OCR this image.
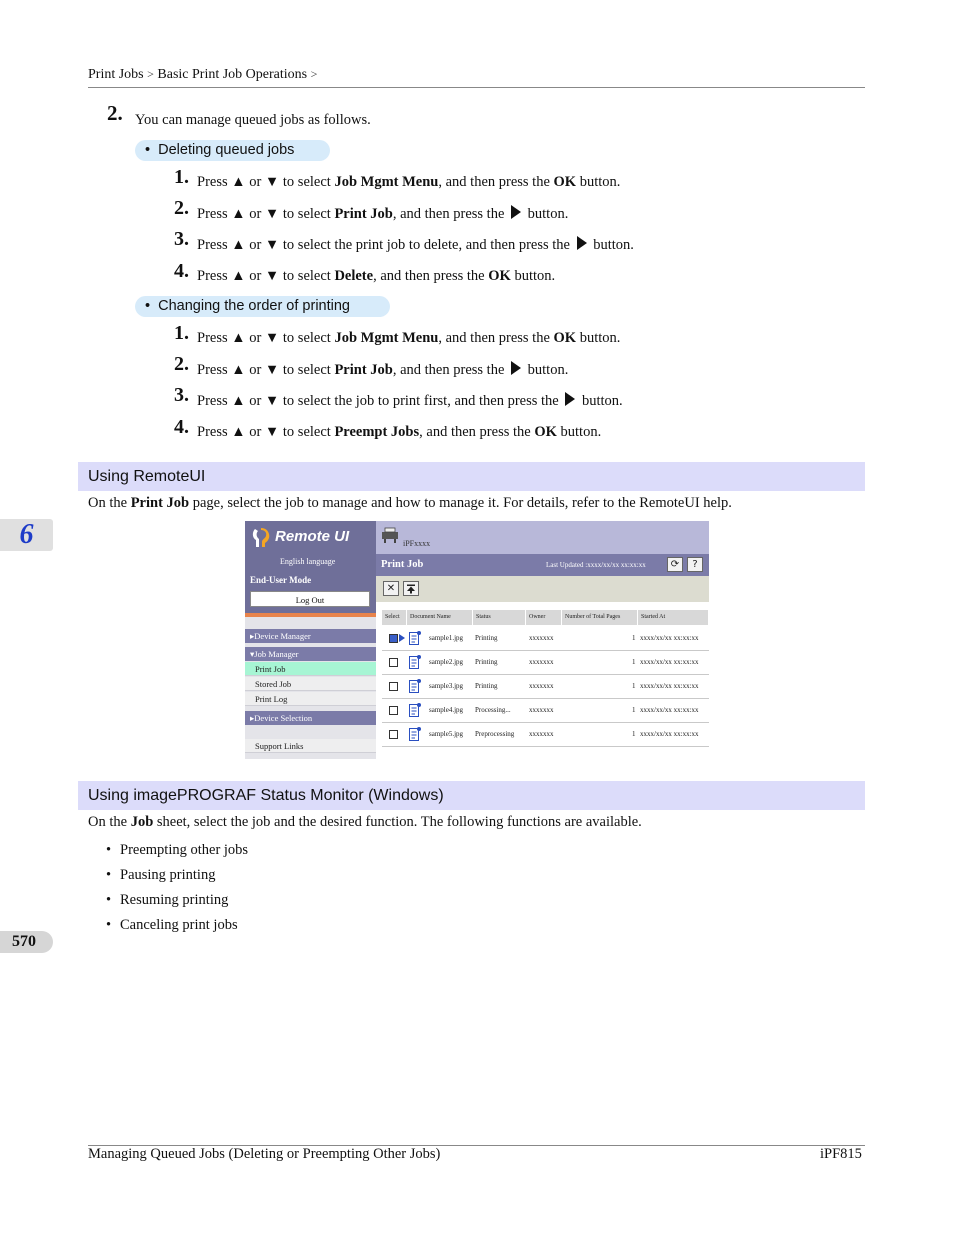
Print Jobs > Basic Print Job Operations >
2. You can manage queued jobs as follows.
•  Deleting queued jobs
1. Press ▲ or ▼ to select Job Mgmt Menu, and then press the OK button.
2. Press ▲ or ▼ to select Print Job, and then press the  button.
3. Press ▲ or ▼ to select the print job to delete, and then press the  button.
4. Press ▲ or ▼ to select Delete, and then press the OK button.
•  Changing the order of printing
1. Press ▲ or ▼ to select Job Mgmt Menu, and then press the OK button.
2. Press ▲ or ▼ to select Print Job, and then press the  button.
3. Press ▲ or ▼ to select the job to print first, and then press the  button.
4. Press ▲ or ▼ to select Preempt Jobs, and then press the OK button.
Using RemoteUI
On the Print Job page, select the job to manage and how to manage it. For details, refer to the RemoteUI help.
6	Remote UI
English language
End-User Mode
Log Out
▸Device Manager
▾Job Manager
Print Job
Stored Job
Print Log
▸Device Selection
Support Links
iPFxxxx
Print Job	Last Updated :xxxx/xx/xx xx:xx:xx	⟳	?
✕
Select	Document Name	Status	Owner	Number of Total Pages	Started At
sample1.jpg Printing	xxxxxxx	1 xxxx/xx/xx xx:xx:xx
sample2.jpg Printing	xxxxxxx	1 xxxx/xx/xx xx:xx:xx
sample3.jpg Printing	xxxxxxx	1 xxxx/xx/xx xx:xx:xx
sample4.jpg Processing...	xxxxxxx	1 xxxx/xx/xx xx:xx:xx
sample5.jpg Preprocessing xxxxxxx	1 xxxx/xx/xx xx:xx:xx
Using imagePROGRAF Status Monitor (Windows)
On the Job sheet, select the job and the desired function. The following functions are available.
• Preempting other jobs
• Pausing printing
• Resuming printing
• Canceling print jobs
570
Managing Queued Jobs (Deleting or Preempting Other Jobs)	iPF815
